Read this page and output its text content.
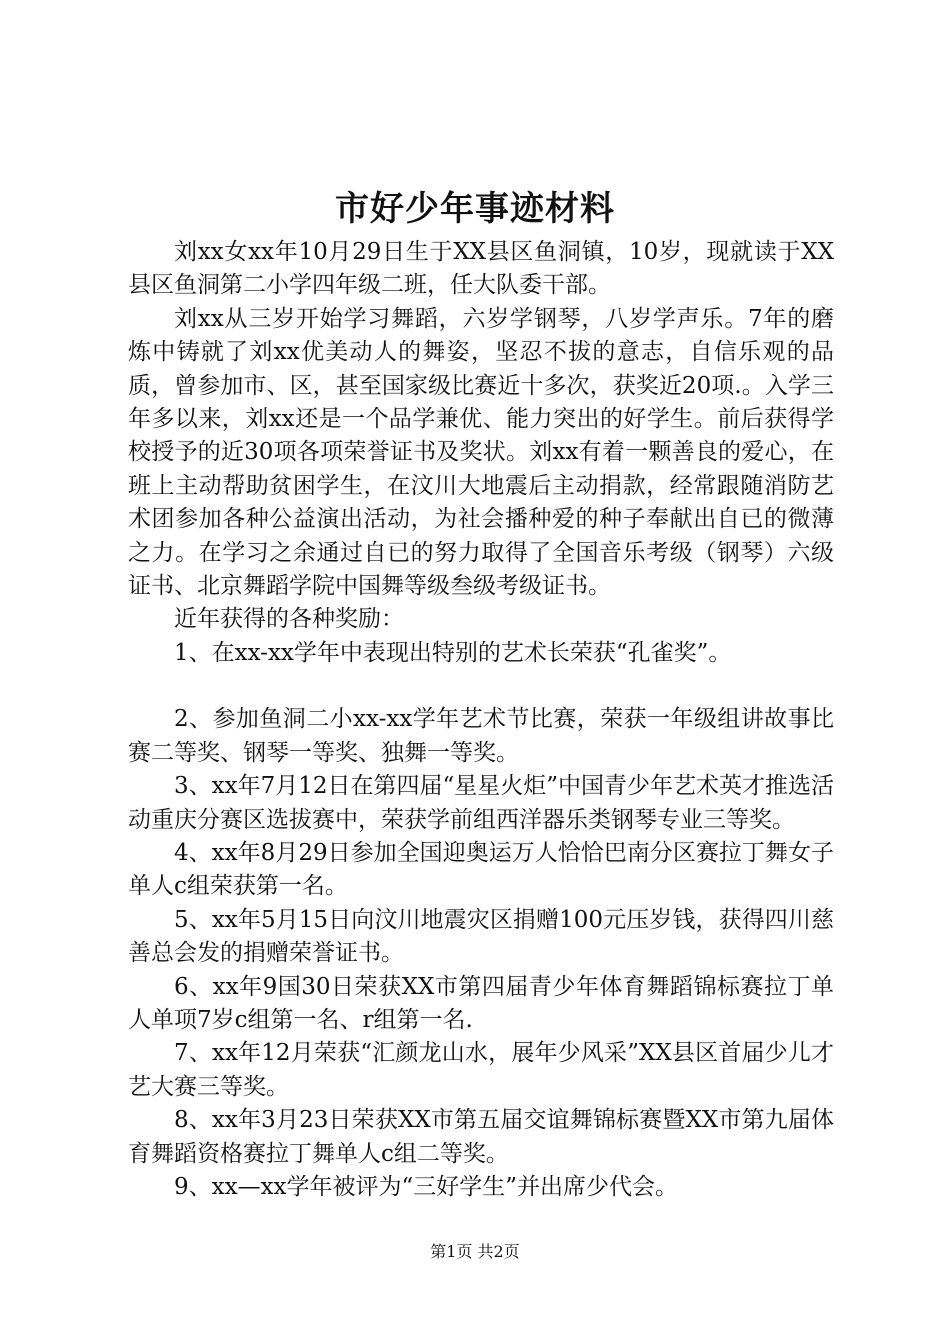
市好少年事迹材料

刘xx女xx年10月29日生于XX县区鱼洞镇，10岁，现就读于XX县区鱼洞第二小学四年级二班，任大队委干部。

刘xx从三岁开始学习舞蹈，六岁学钢琴，八岁学声乐。7年的磨炼中铸就了刘xx优美动人的舞姿，坚忍不拔的意志，自信乐观的品质，曾参加市、区，甚至国家级比赛近十多次，获奖近20项.。入学三年多以来，刘xx还是一个品学兼优、能力突出的好学生。前后获得学校授予的近30项各项荣誉证书及奖状。刘xx有着一颗善良的爱心，在班上主动帮助贫困学生，在汶川大地震后主动捐款，经常跟随消防艺术团参加各种公益演出活动，为社会播种爱的种子奉献出自已的微薄之力。在学习之余通过自已的努力取得了全国音乐考级（钢琴）六级证书、北京舞蹈学院中国舞等级叁级考级证书。

近年获得的各种奖励：

1、在xx-xx学年中表现出特别的艺术长荣获“孔雀奖”。

2、参加鱼洞二小xx-xx学年艺术节比赛，荣获一年级组讲故事比赛二等奖、钢琴一等奖、独舞一等奖。

3、xx年7月12日在第四届“星星火炬”中国青少年艺术英才推选活动重庆分赛区选拔赛中，荣获学前组西洋器乐类钢琴专业三等奖。

4、xx年8月29日参加全国迎奥运万人恰恰巴南分区赛拉丁舞女子单人c组荣获第一名。

5、xx年5月15日向汶川地震灾区捐赠100元压岁钱，获得四川慈善总会发的捐赠荣誉证书。

6、xx年9国30日荣获XX市第四届青少年体育舞蹈锦标赛拉丁单人单项7岁c组第一名、r组第一名.

7、xx年12月荣获“汇颜龙山水，展年少风采”XX县区首届少儿才艺大赛三等奖。

8、xx年3月23日荣获XX市第五届交谊舞锦标赛暨XX市第九届体育舞蹈资格赛拉丁舞单人c组二等奖。

9、xx—xx学年被评为“三好学生”并出席少代会。

第1页 共2页
